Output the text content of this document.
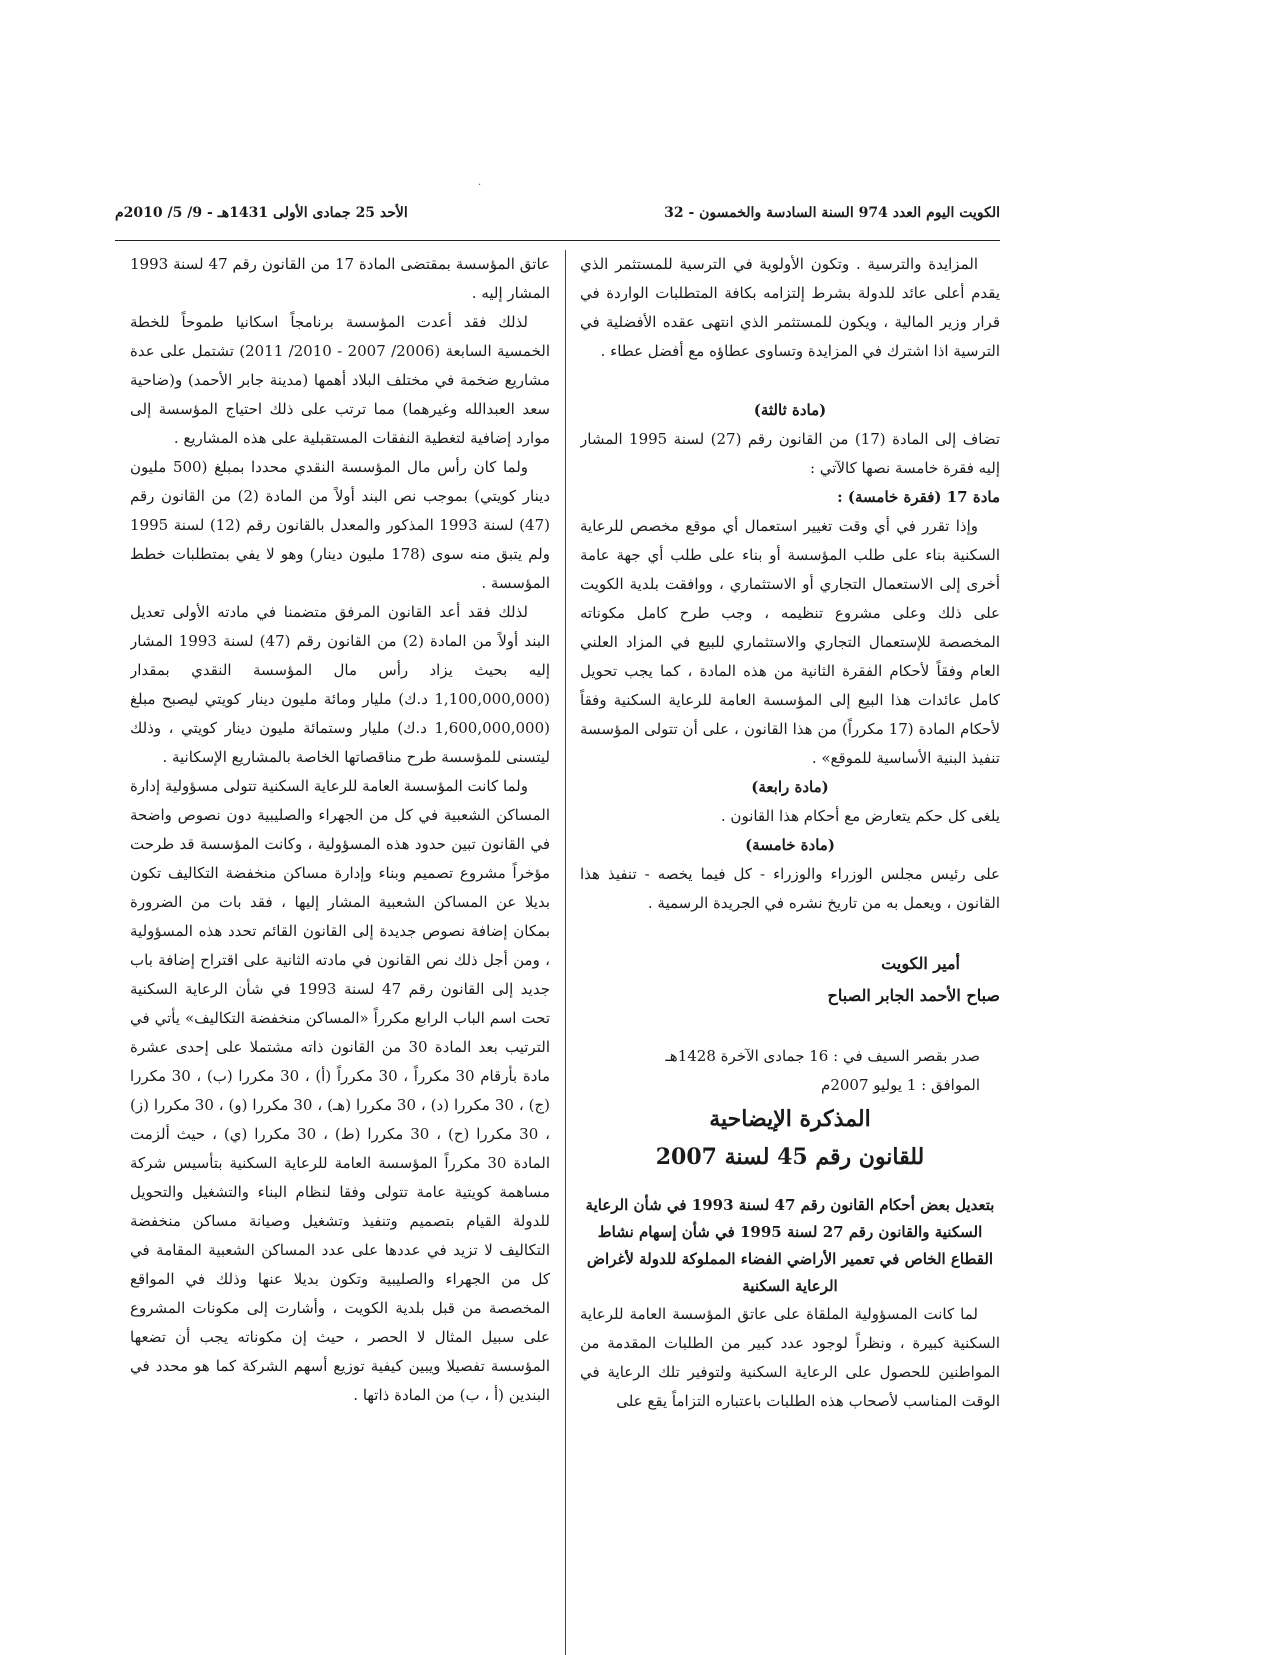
·
الكويت اليوم العدد 974 السنة السادسة والخمسون - 32
الأحد 25 جمادى الأولى 1431هـ - 9/ 5/ 2010م

المزايدة والترسية . وتكون الأولوية في الترسية للمستثمر الذي يقدم أعلى عائد للدولة بشرط إلتزامه بكافة المتطلبات الواردة في قرار وزير المالية ، ويكون للمستثمر الذي انتهى عقده الأفضلية في الترسية اذا اشترك في المزايدة وتساوى عطاؤه مع أفضل عطاء .

(مادة ثالثة)

تضاف إلى المادة (17) من القانون رقم (27) لسنة 1995 المشار إليه فقرة خامسة نصها كالآتي :

مادة 17 (فقرة خامسة) :

وإذا تقرر في أي وقت تغيير استعمال أي موقع مخصص للرعاية السكنية بناء على طلب المؤسسة أو بناء على طلب أي جهة عامة أخرى إلى الاستعمال التجاري أو الاستثماري ، ووافقت بلدية الكويت على ذلك وعلى مشروع تنظيمه ، وجب طرح كامل مكوناته المخصصة للإستعمال التجاري والاستثماري للبيع في المزاد العلني العام وفقاً لأحكام الفقرة الثانية من هذه المادة ، كما يجب تحويل كامل عائدات هذا البيع إلى المؤسسة العامة للرعاية السكنية وفقاً لأحكام المادة (17 مكرراً) من هذا القانون ، على أن تتولى المؤسسة تنفيذ البنية الأساسية للموقع» .

(مادة رابعة)

يلغى كل حكم يتعارض مع أحكام هذا القانون .

(مادة خامسة)

على رئيس مجلس الوزراء والوزراء - كل فيما يخصه - تنفيذ هذا القانون ، ويعمل به من تاريخ نشره في الجريدة الرسمية .

أمير الكويت
صباح الأحمد الجابر الصباح
صدر بقصر السيف في : 16 جمادى الآخرة 1428هـ
الموافق : 1 يوليو 2007م
المذكرة الإيضاحية
للقانون رقم 45 لسنة 2007
بتعديل بعض أحكام القانون رقم 47 لسنة 1993 في شأن الرعاية السكنية والقانون رقم 27 لسنة 1995 في شأن إسهام نشاط القطاع الخاص في تعمير الأراضي الفضاء المملوكة للدولة لأغراض الرعاية السكنية

لما كانت المسؤولية الملقاة على عاتق المؤسسة العامة للرعاية السكنية كبيرة ، ونظراً لوجود عدد كبير من الطلبات المقدمة من المواطنين للحصول على الرعاية السكنية ولتوفير تلك الرعاية في الوقت المناسب لأصحاب هذه الطلبات باعتباره التزاماً يقع على

عاتق المؤسسة بمقتضى المادة 17 من القانون رقم 47 لسنة 1993 المشار إليه .

لذلك فقد أعدت المؤسسة برنامجاً اسكانيا طموحاً للخطة الخمسية السابعة (2006/ 2007 - 2010/ 2011) تشتمل على عدة مشاريع ضخمة في مختلف البلاد أهمها (مدينة جابر الأحمد) و(ضاحية سعد العبدالله وغيرهما) مما ترتب على ذلك احتياج المؤسسة إلى موارد إضافية لتغطية النفقات المستقبلية على هذه المشاريع .

ولما كان رأس مال المؤسسة النقدي محددا بمبلغ (500 مليون دينار كويتي) بموجب نص البند أولاً من المادة (2) من القانون رقم (47) لسنة 1993 المذكور والمعدل بالقانون رقم (12) لسنة 1995 ولم يتبق منه سوى (178 مليون دينار) وهو لا يفي بمتطلبات خطط المؤسسة .

لذلك فقد أعد القانون المرفق متضمنا في مادته الأولى تعديل البند أولاً من المادة (2) من القانون رقم (47) لسنة 1993 المشار إليه بحيث يزاد رأس مال المؤسسة النقدي بمقدار (1,100,000,000 د.ك) مليار ومائة مليون دينار كويتي ليصبح مبلغ (1,600,000,000 د.ك) مليار وستمائة مليون دينار كويتي ، وذلك ليتسنى للمؤسسة طرح مناقصاتها الخاصة بالمشاريع الإسكانية .

ولما كانت المؤسسة العامة للرعاية السكنية تتولى مسؤولية إدارة المساكن الشعبية في كل من الجهراء والصليبية دون نصوص واضحة في القانون تبين حدود هذه المسؤولية ، وكانت المؤسسة قد طرحت مؤخراً مشروع تصميم وبناء وإدارة مساكن منخفضة التكاليف تكون بديلا عن المساكن الشعبية المشار إليها ، فقد بات من الضرورة بمكان إضافة نصوص جديدة إلى القانون القائم تحدد هذه المسؤولية ، ومن أجل ذلك نص القانون في مادته الثانية على اقتراح إضافة باب جديد إلى القانون رقم 47 لسنة 1993 في شأن الرعاية السكنية تحت اسم الباب الرابع مكرراً «المساكن منخفضة التكاليف» يأتي في الترتيب بعد المادة 30 من القانون ذاته مشتملا على إحدى عشرة مادة بأرقام 30 مكرراً ، 30 مكرراً (أ) ، 30 مكررا (ب) ، 30 مكررا (ج) ، 30 مكررا (د) ، 30 مكررا (هـ) ، 30 مكررا (و) ، 30 مكررا (ز) ، 30 مكررا (ح) ، 30 مكررا (ط) ، 30 مكررا (ي) ، حيث ألزمت المادة 30 مكرراً المؤسسة العامة للرعاية السكنية بتأسيس شركة مساهمة كويتية عامة تتولى وفقا لنظام البناء والتشغيل والتحويل للدولة القيام بتصميم وتنفيذ وتشغيل وصيانة مساكن منخفضة التكاليف لا تزيد في عددها على عدد المساكن الشعبية المقامة في كل من الجهراء والصليبية وتكون بديلا عنها وذلك في المواقع المخصصة من قبل بلدية الكويت ، وأشارت إلى مكونات المشروع على سبيل المثال لا الحصر ، حيث إن مكوناته يجب أن تضعها المؤسسة تفصيلا ويبين كيفية توزيع أسهم الشركة كما هو محدد في البندين (أ ، ب) من المادة ذاتها .
